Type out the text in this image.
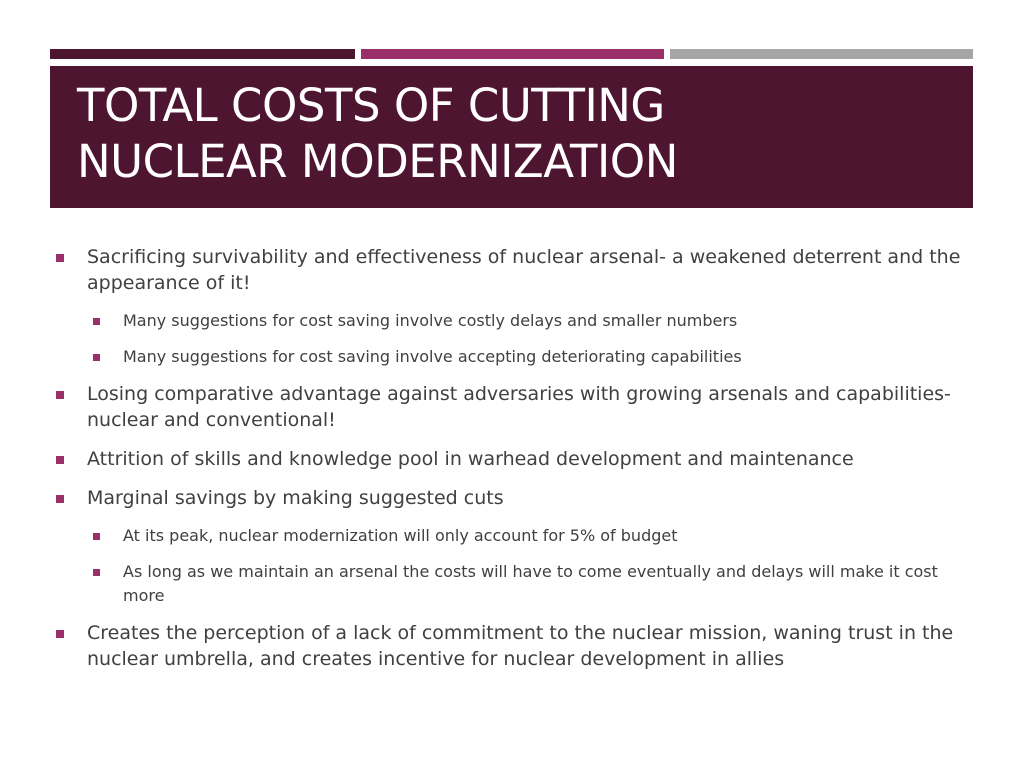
TOTAL COSTS OF CUTTING
NUCLEAR MODERNIZATION
Sacrificing survivability and effectiveness of nuclear arsenal- a weakened deterrent and the appearance of it!
Many suggestions for cost saving involve costly delays and smaller numbers
Many suggestions for cost saving involve accepting deteriorating capabilities
Losing comparative advantage against adversaries with growing arsenals and capabilities- nuclear and conventional!
Attrition of skills and knowledge pool in warhead development and maintenance
Marginal savings by making suggested cuts
At its peak, nuclear modernization will only account for 5% of budget
As long as we maintain an arsenal the costs will have to come eventually and delays will make it cost more
Creates the perception of a lack of commitment to the nuclear mission, waning trust in the nuclear umbrella, and creates incentive for nuclear development in allies
